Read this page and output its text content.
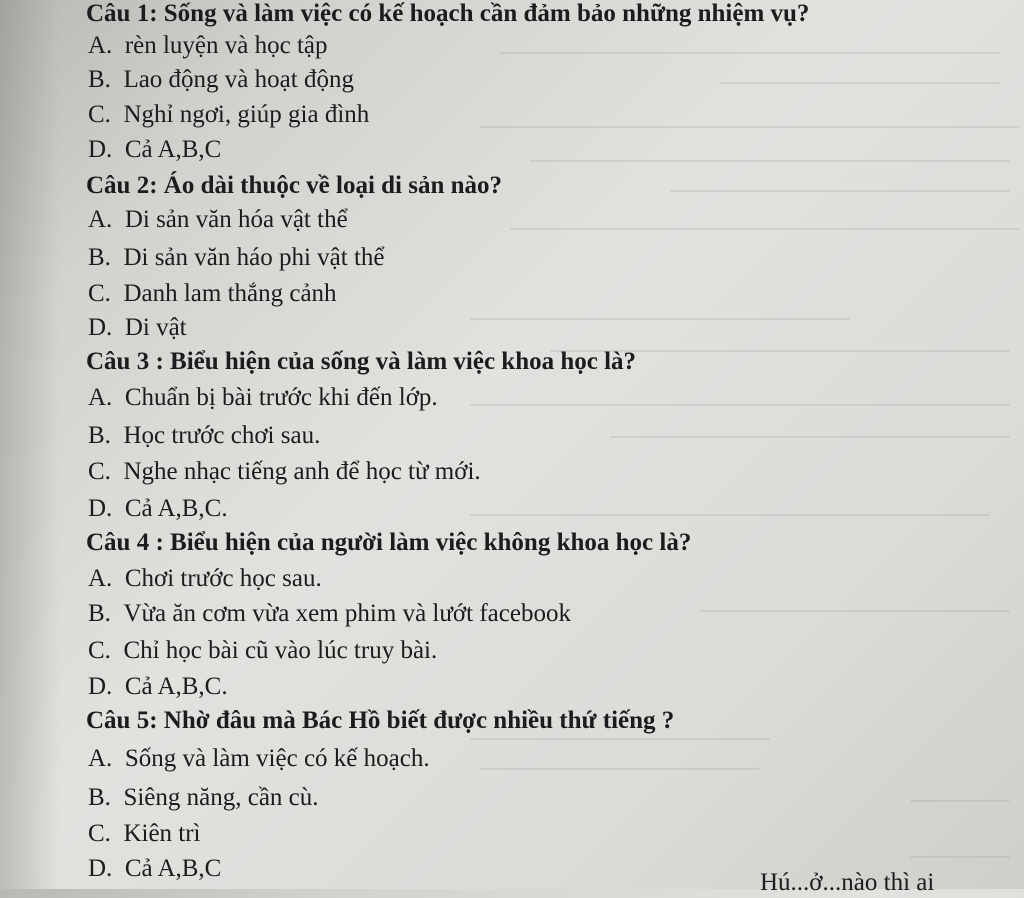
Câu 1: Sống và làm việc có kế hoạch cần đảm bảo những nhiệm vụ?
A.  rèn luyện và học tập
B.  Lao động và hoạt động
C.  Nghỉ ngơi, giúp gia đình
D.  Cả A,B,C
Câu 2: Áo dài thuộc về loại di sản nào?
A.  Di sản văn hóa vật thể
B.  Di sản văn háo phi vật thể
C.  Danh lam thắng cảnh
D.  Di vật
Câu 3 : Biểu hiện của sống và làm việc khoa học là?
A.  Chuẩn bị bài trước khi đến lớp.
B.  Học trước chơi sau.
C.  Nghe nhạc tiếng anh để học từ mới.
D.  Cả A,B,C.
Câu 4 : Biểu hiện của người làm việc không khoa học là?
A.  Chơi trước học sau.
B.  Vừa ăn cơm vừa xem phim và lướt facebook
C.  Chỉ học bài cũ vào lúc truy bài.
D.  Cả A,B,C.
Câu 5: Nhờ đâu mà Bác Hồ biết được nhiều thứ tiếng ?
A.  Sống và làm việc có kế hoạch.
B.  Siêng năng, cần cù.
C.  Kiên trì
D.  Cả A,B,C
Hú...ở...nào thì ai
